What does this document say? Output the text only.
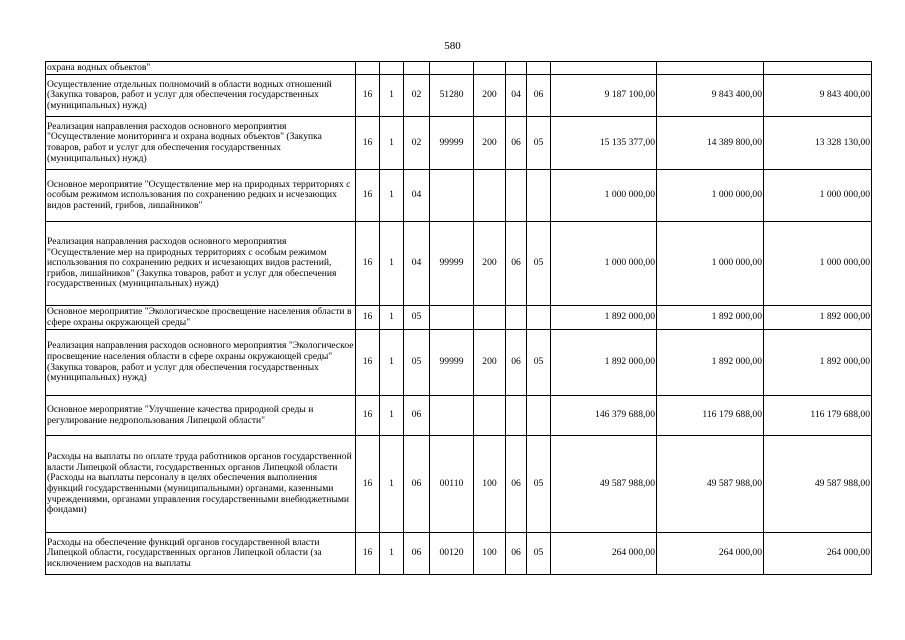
580
охрана водных объектов"										
Осуществление отдельных полномочий в области водных отношений (Закупка товаров, работ и услуг для обеспечения государственных (муниципальных) нужд)	16	1	02	51280	200	04	06	9 187 100,00	9 843 400,00	9 843 400,00
Реализация направления расходов основного мероприятия "Осуществление мониторинга и охрана водных объектов" (Закупка товаров, работ и услуг для обеспечения государственных (муниципальных) нужд)	16	1	02	99999	200	06	05	15 135 377,00	14 389 800,00	13 328 130,00
Основное мероприятие "Осуществление мер на природных территориях с особым режимом использования по сохранению редких и исчезающих видов растений, грибов, лишайников"	16	1	04					1 000 000,00	1 000 000,00	1 000 000,00
Реализация направления расходов основного мероприятия "Осуществление мер на природных территориях с особым режимом использования по сохранению редких и исчезающих видов растений, грибов, лишайников" (Закупка товаров, работ и услуг для обеспечения государственных (муниципальных) нужд)	16	1	04	99999	200	06	05	1 000 000,00	1 000 000,00	1 000 000,00
Основное мероприятие "Экологическое просвещение населения области в сфере охраны окружающей среды"	16	1	05					1 892 000,00	1 892 000,00	1 892 000,00
Реализация направления расходов основного мероприятия "Экологическое просвещение населения области в сфере охраны окружающей среды" (Закупка товаров, работ и услуг для обеспечения государственных (муниципальных) нужд)	16	1	05	99999	200	06	05	1 892 000,00	1 892 000,00	1 892 000,00
Основное мероприятие "Улучшение качества природной среды и регулирование недропользования Липецкой области"	16	1	06					146 379 688,00	116 179 688,00	116 179 688,00
Расходы на выплаты по оплате труда работников органов государственной власти Липецкой области, государственных органов Липецкой области (Расходы на выплаты персоналу в целях обеспечения выполнения функций государственными (муниципальными) органами, казенными учреждениями, органами управления государственными внебюджетными фондами)	16	1	06	00110	100	06	05	49 587 988,00	49 587 988,00	49 587 988,00
Расходы на обеспечение функций органов государственной власти Липецкой области, государственных органов Липецкой области (за исключением расходов на выплаты	16	1	06	00120	100	06	05	264 000,00	264 000,00	264 000,00
